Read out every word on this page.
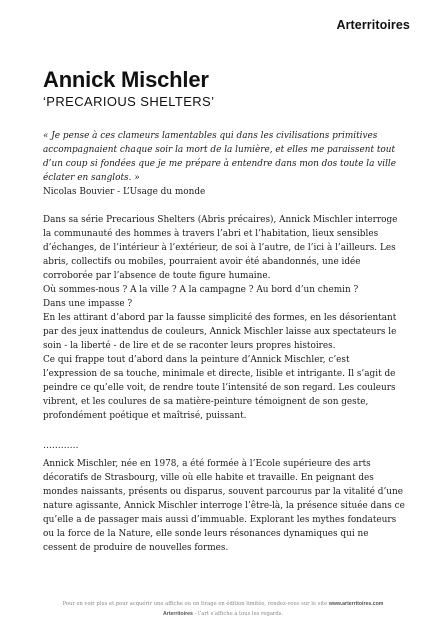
Arterritoires
Annick Mischler
‘PRECARIOUS SHELTERS’

« Je pense à ces clameurs lamentables qui dans les civilisations primitives accompagnaient chaque soir la mort de la lumière, et elles me paraissent tout d’un coup si fondées que je me prépare à entendre dans mon dos toute la ville éclater en sanglots. »

Nicolas Bouvier - L’Usage du monde

Dans sa série Precarious Shelters (Abris précaires), Annick Mischler interroge la communauté des hommes à travers l’abri et l’habitation, lieux sensibles d’échanges, de l’intérieur à l’extérieur, de soi à l’autre, de l’ici à l’ailleurs. Les abris, collectifs ou mobiles, pourraient avoir été abandonnés, une idée corroborée par l’absence de toute figure humaine.

Où sommes-nous ? A la ville ? A la campagne ? Au bord d’un chemin ?

Dans une impasse ?

En les attirant d’abord par la fausse simplicité des formes, en les désorientant par des jeux inattendus de couleurs, Annick Mischler laisse aux spectateurs le soin - la liberté - de lire et de se raconter leurs propres histoires.

Ce qui frappe tout d’abord dans la peinture d’Annick Mischler, c’est l’expression de sa touche, minimale et directe, lisible et intrigante. Il s’agit de peindre ce qu’elle voit, de rendre toute l’intensité de son regard. Les couleurs vibrent, et les coulures de sa matière-peinture témoignent de son geste, profondément poétique et maîtrisé, puissant.

…………

Annick Mischler, née en 1978, a été formée à l’Ecole supérieure des arts décoratifs de Strasbourg, ville où elle habite et travaille. En peignant des mondes naissants, présents ou disparus, souvent parcourus par la vitalité d’une nature agissante, Annick Mischler interroge l’être-là, la présence située dans ce qu’elle a de passager mais aussi d’immuable. Explorant les mythes fondateurs ou la force de la Nature, elle sonde leurs résonances dynamiques qui ne cessent de produire de nouvelles formes.

Pour en voir plus et pour acquérir une affiche ou un tirage en édition limitée, rendez-vous sur le site www.arterritoires.com
Arterritoires - l’art s’affiche à tous les regards.
